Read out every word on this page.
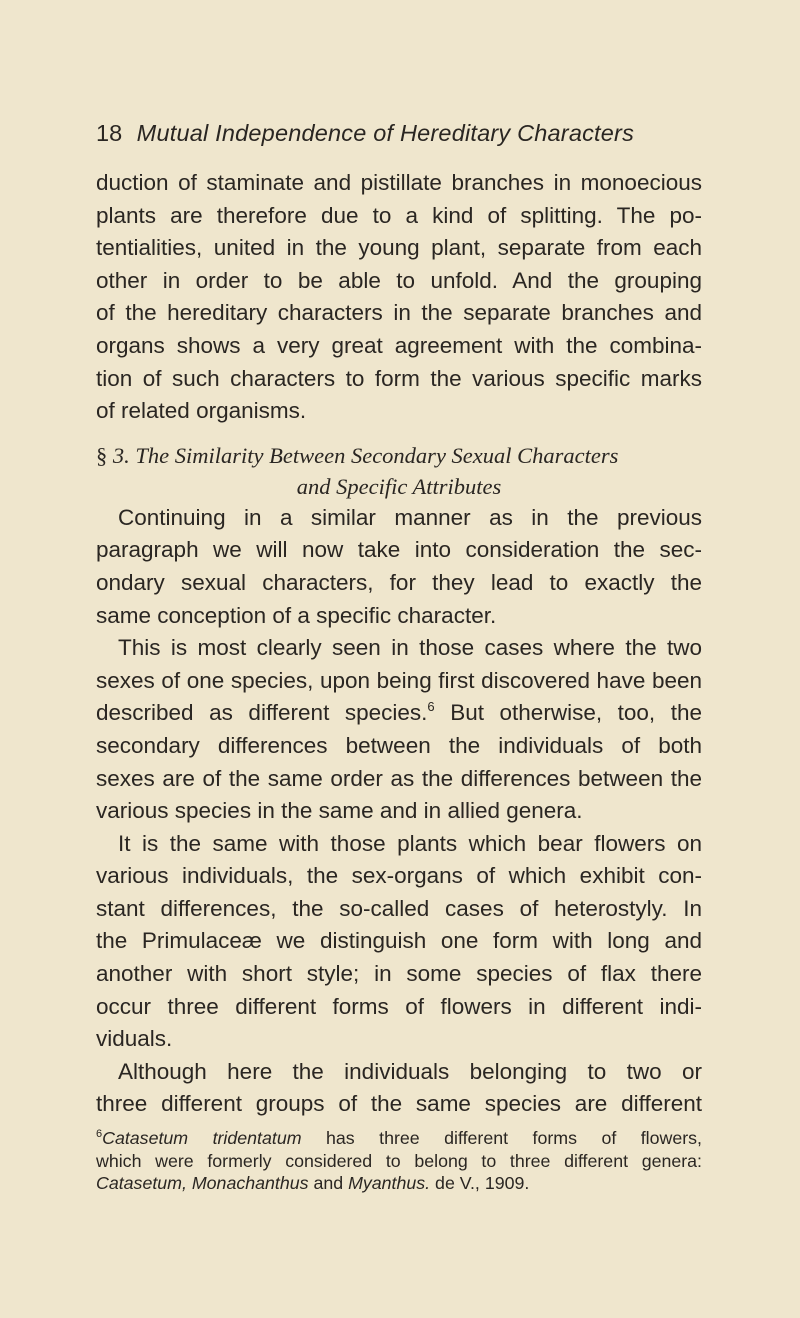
18 Mutual Independence of Hereditary Characters
duction of staminate and pistillate branches in monoecious
plants are therefore due to a kind of splitting. The po-
tentialities, united in the young plant, separate from each
other in order to be able to unfold. And the grouping
of the hereditary characters in the separate branches and
organs shows a very great agreement with the combina-
tion of such characters to form the various specific marks
of related organisms.
§ 3. The Similarity Between Secondary Sexual Characters
and Specific Attributes
Continuing in a similar manner as in the previous
paragraph we will now take into consideration the sec-
ondary sexual characters, for they lead to exactly the
same conception of a specific character.
This is most clearly seen in those cases where the two
sexes of one species, upon being first discovered have been
described as different species.$^6$ But otherwise, too, the
secondary differences between the individuals of both
sexes are of the same order as the differences between the
various species in the same and in allied genera.
It is the same with those plants which bear flowers on
various individuals, the sex-organs of which exhibit con-
stant differences, the so-called cases of heterostyly. In
the Primulaceæ we distinguish one form with long and
another with short style; in some species of flax there
occur three different forms of flowers in different indi-
viduals.
Although here the individuals belonging to two or
three different groups of the same species are different
$^6$Catasetum tridentatum has three different forms of flowers,
which were formerly considered to belong to three different genera:
Catasetum, Monachanthus and Myanthus. de V., 1909.
